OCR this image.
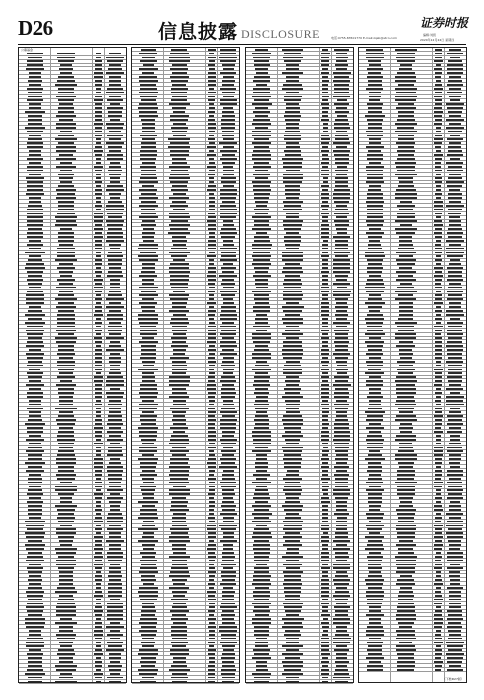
D26	信息披露 DISCLOSURE	电话:0755-83501770 E-mail:zqsb@stcn.com
证券时报
编辑:刘毅
2020年12月24日 星期四
公募基金
（下转D27版）
